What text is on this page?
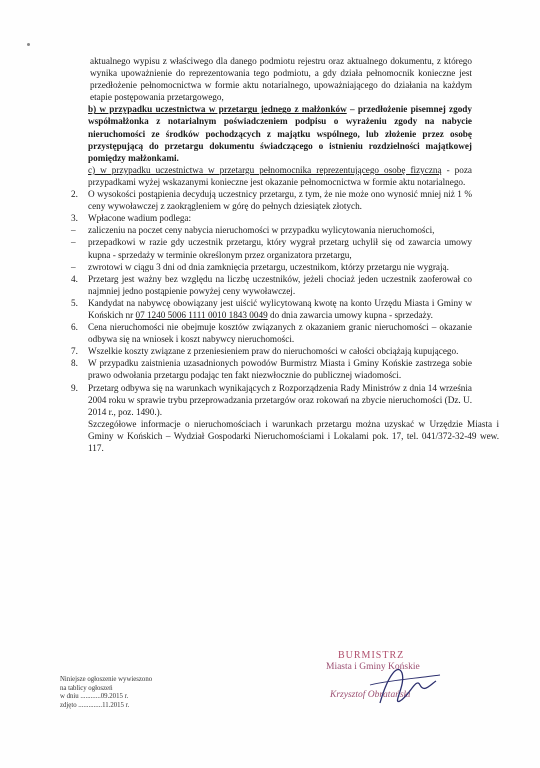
aktualnego wypisu z właściwego dla danego podmiotu rejestru oraz aktualnego dokumentu, z którego wynika upoważnienie do reprezentowania tego podmiotu, a gdy działa pełnomocnik konieczne jest przedłożenie pełnomocnictwa w formie aktu notarialnego, upoważniającego do działania na każdym etapie postępowania przetargowego,

b) w przypadku uczestnictwa w przetargu jednego z małżonków – przedłożenie pisemnej zgody współmałżonka z notarialnym poświadczeniem podpisu o wyrażeniu zgody na nabycie nieruchomości ze środków pochodzących z majątku wspólnego, lub złożenie przez osobę przystępującą do przetargu dokumentu świadczącego o istnieniu rozdzielności majątkowej pomiędzy małżonkami.

c) w przypadku uczestnictwa w przetargu pełnomocnika reprezentującego osobę fizyczną - poza przypadkami wyżej wskazanymi konieczne jest okazanie pełnomocnictwa w formie aktu notarialnego.

2. O wysokości postąpienia decydują uczestnicy przetargu, z tym, że nie może ono wynosić mniej niż 1 % ceny wywoławczej z zaokrągleniem w górę do pełnych dziesiątek złotych.
3. Wpłacone wadium podlega:
– zaliczeniu na poczet ceny nabycia nieruchomości w przypadku wylicytowania nieruchomości,
– przepadkowi w razie gdy uczestnik przetargu, który wygrał przetarg uchylił się od zawarcia umowy kupna - sprzedaży w terminie określonym przez organizatora przetargu,
– zwrotowi w ciągu 3 dni od dnia zamknięcia przetargu, uczestnikom, którzy przetargu nie wygrają.
4. Przetarg jest ważny bez względu na liczbę uczestników, jeżeli chociaż jeden uczestnik zaoferował co najmniej jedno postąpienie powyżej ceny wywoławczej.
5. Kandydat na nabywcę obowiązany jest uiścić wylicytowaną kwotę na konto Urzędu Miasta i Gminy w Końskich nr 07 1240 5006 1111 0010 1843 0049 do dnia zawarcia umowy kupna - sprzedaży.
6. Cena nieruchomości nie obejmuje kosztów związanych z okazaniem granic nieruchomości – okazanie odbywa się na wniosek i koszt nabywcy nieruchomości.
7. Wszelkie koszty związane z przeniesieniem praw do nieruchomości w całości obciążają kupującego.
8. W przypadku zaistnienia uzasadnionych powodów Burmistrz Miasta i Gminy Końskie zastrzega sobie prawo odwołania przetargu podając ten fakt niezwłocznie do publicznej wiadomości.
9. Przetarg odbywa się na warunkach wynikających z Rozporządzenia Rady Ministrów z dnia 14 września 2004 roku w sprawie trybu przeprowadzania przetargów oraz rokowań na zbycie nieruchomości (Dz. U. 2014 r., poz. 1490.).

Szczegółowe informacje o nieruchomościach i warunkach przetargu można uzyskać w Urzędzie Miasta i Gminy w Końskich – Wydział Gospodarki Nieruchomościami i Lokalami pok. 17, tel. 041/372-32-49 wew. 117.

Niniejsze ogłoszenie wywieszono
na tablicy ogłoszeń
w dniu ............09.2015 r.
zdjęto ..............11.2015 r.
BURMISTRZ
Miasta i Gminy Końskie
Krzysztof Obratański
